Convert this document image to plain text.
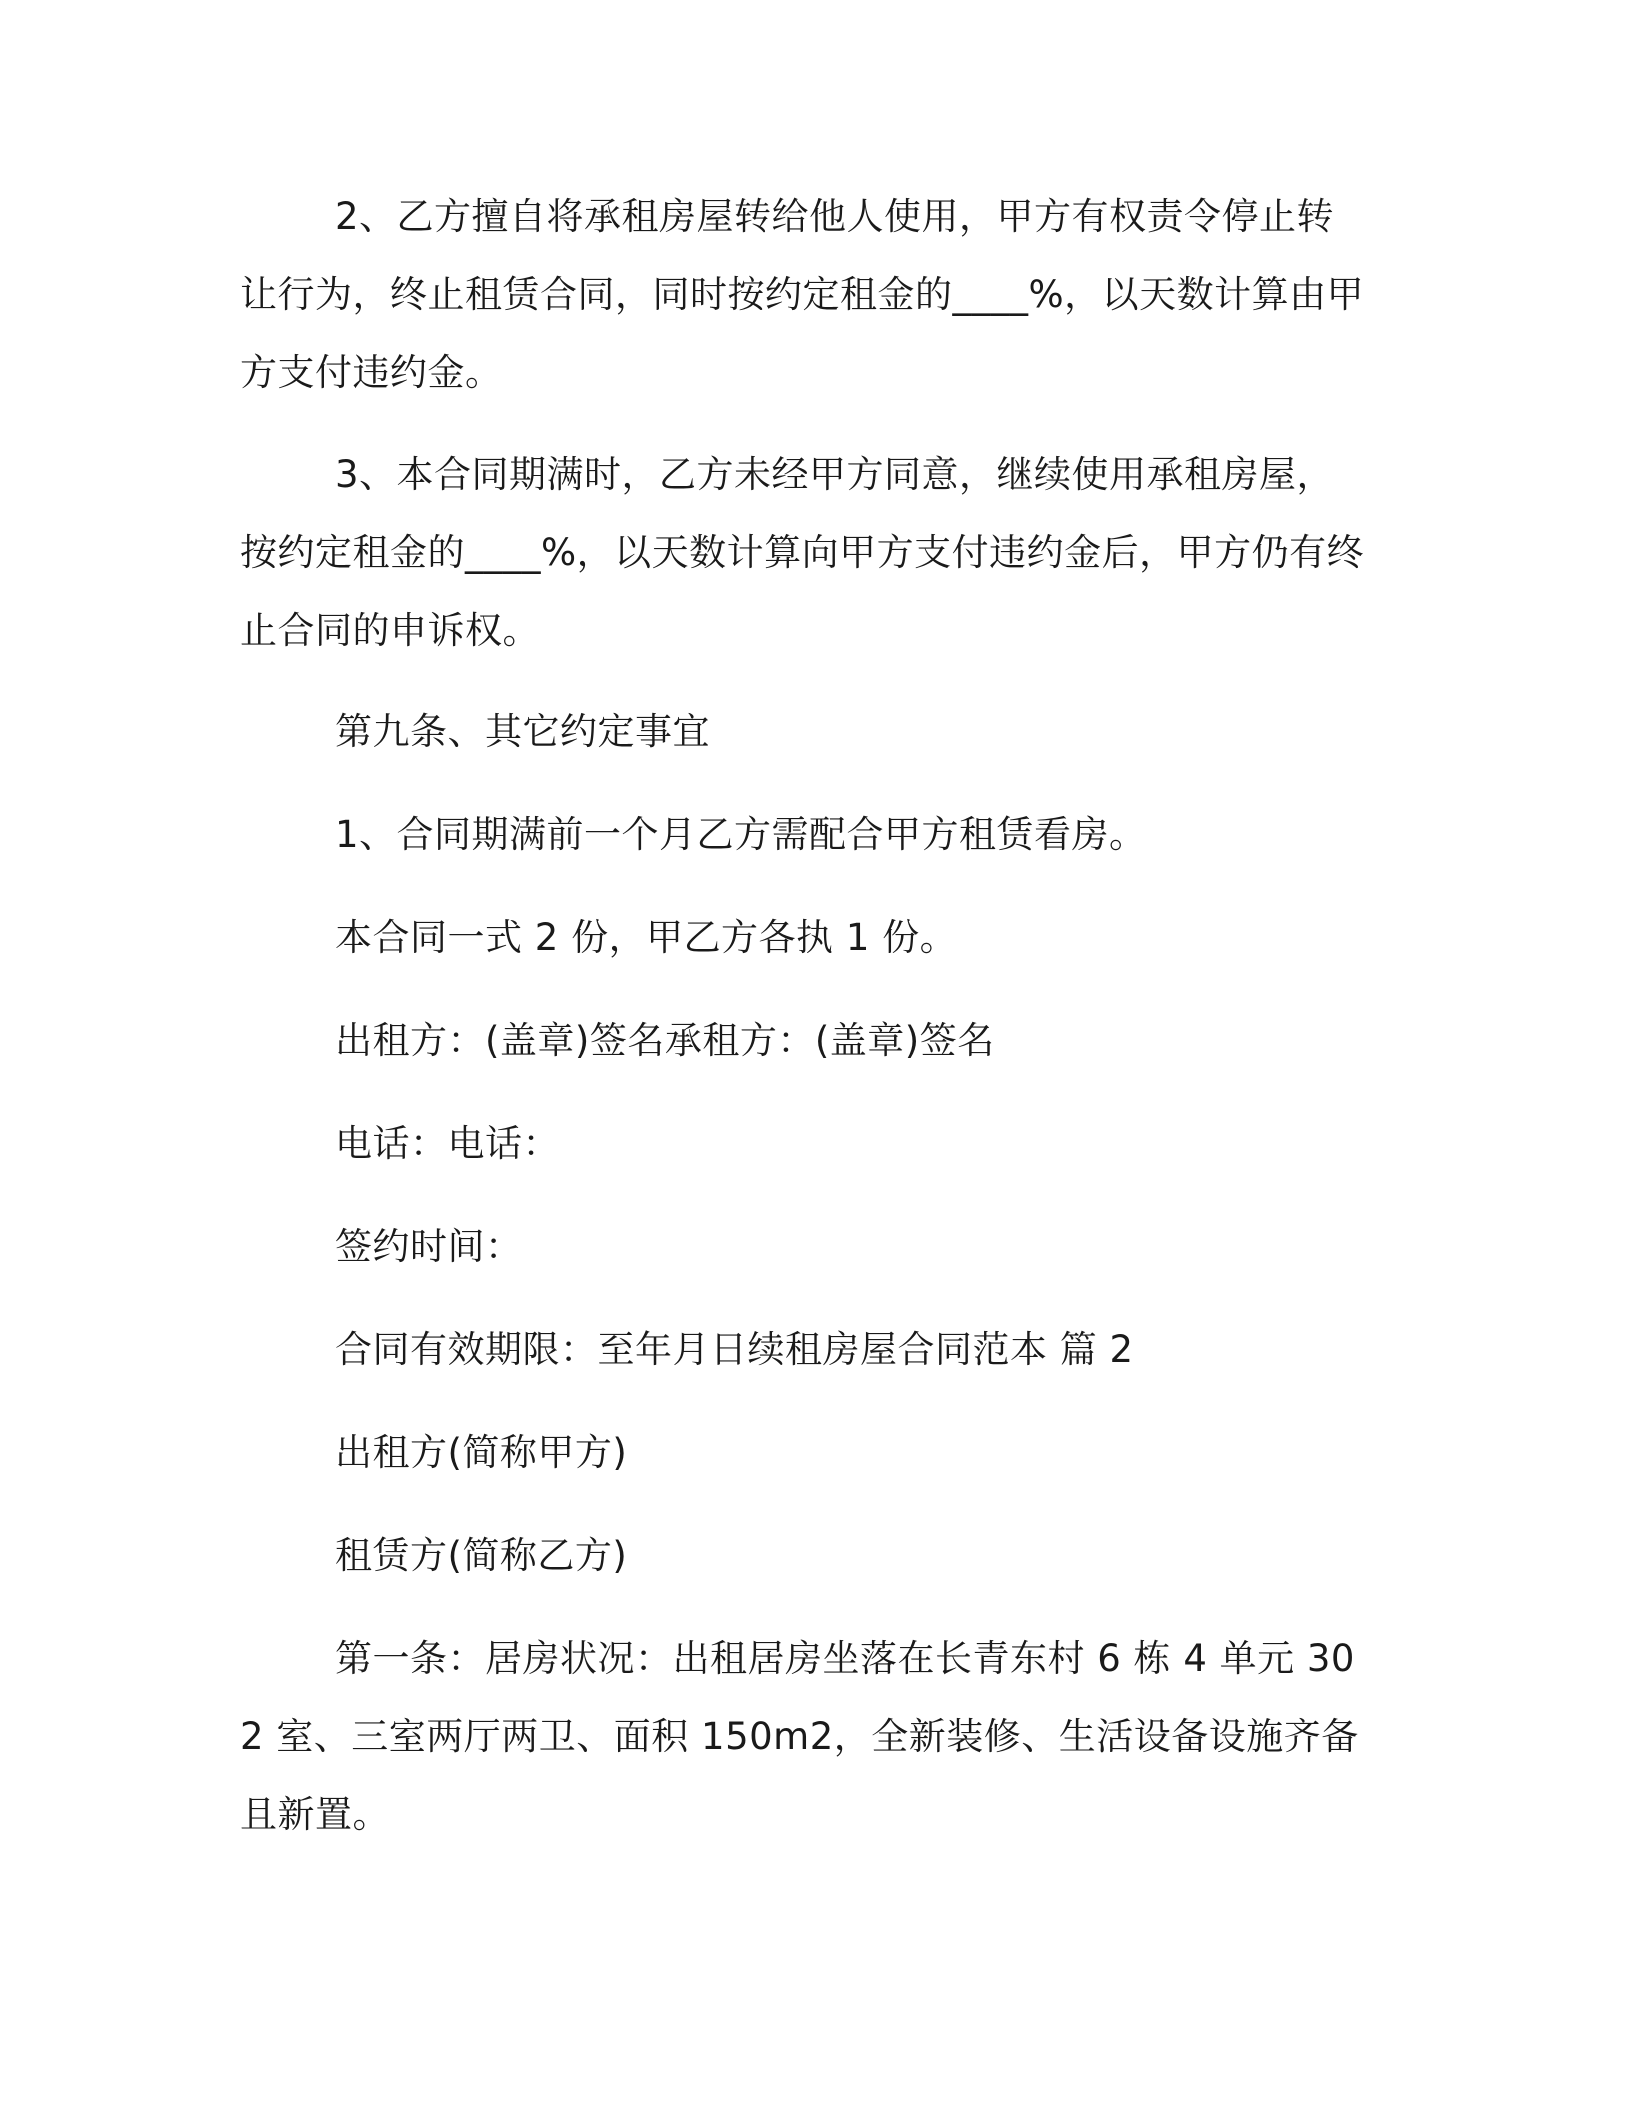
2、乙方擅自将承租房屋转给他人使用，甲方有权责令停止转让行为，终止租赁合同，同时按约定租金的____%，以天数计算由甲方支付违约金。

3、本合同期满时，乙方未经甲方同意，继续使用承租房屋，按约定租金的____%，以天数计算向甲方支付违约金后，甲方仍有终止合同的申诉权。

第九条、其它约定事宜

1、合同期满前一个月乙方需配合甲方租赁看房。

本合同一式 2 份，甲乙方各执 1 份。

出租方：(盖章)签名承租方：(盖章)签名

电话：电话：

签约时间：

合同有效期限：至年月日续租房屋合同范本 篇 2

出租方(简称甲方)

租赁方(简称乙方)

第一条：居房状况：出租居房坐落在长青东村 6 栋 4 单元 302 室、三室两厅两卫、面积 150m2，全新装修、生活设备设施齐备且新置。
